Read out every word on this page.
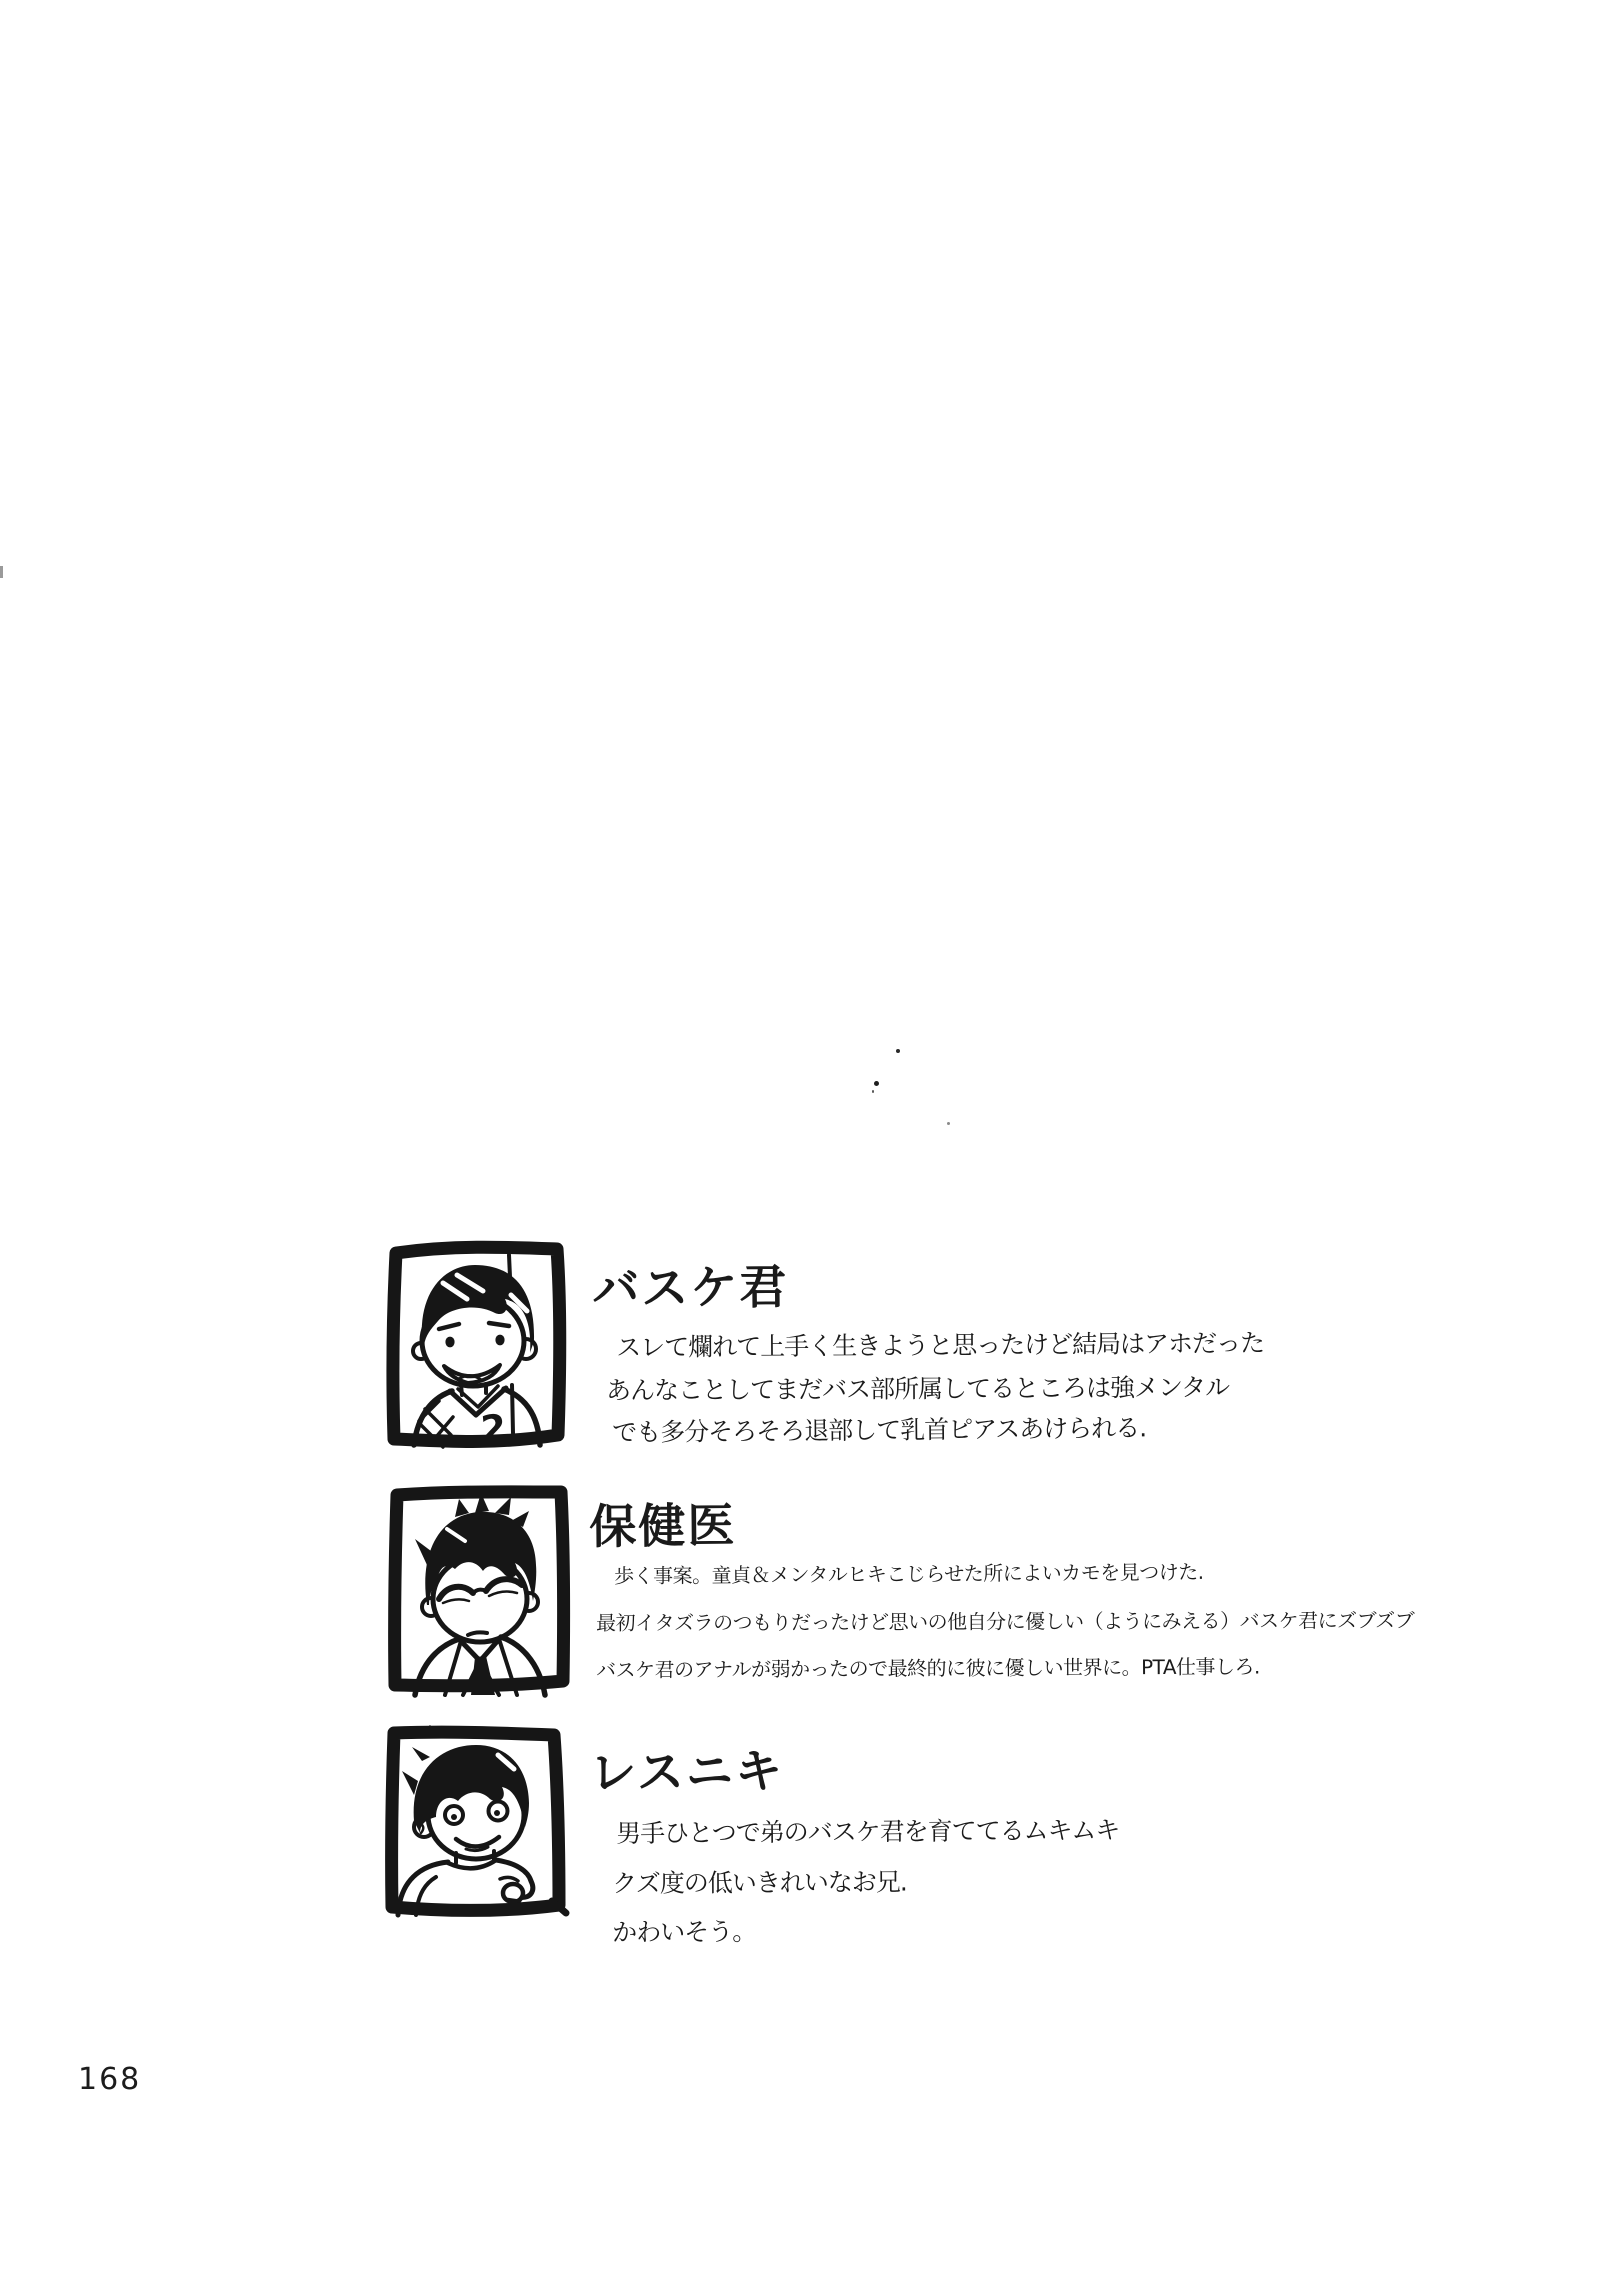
2
バスケ君
スレて爛れて上手く生きようと思ったけど結局はアホだった
あんなことしてまだバス部所属してるところは強メンタル
でも多分そろそろ退部して乳首ピアスあけられる.
保健医
歩く事案。童貞＆メンタルヒキこじらせた所によいカモを見つけた.
最初イタズラのつもりだったけど思いの他自分に優しい（ようにみえる）バスケ君にズブズブ
バスケ君のアナルが弱かったので最終的に彼に優しい世界に。PTA仕事しろ.
レスニキ
男手ひとつで弟のバスケ君を育ててるムキムキ
クズ度の低いきれいなお兄.
かわいそう。
168
